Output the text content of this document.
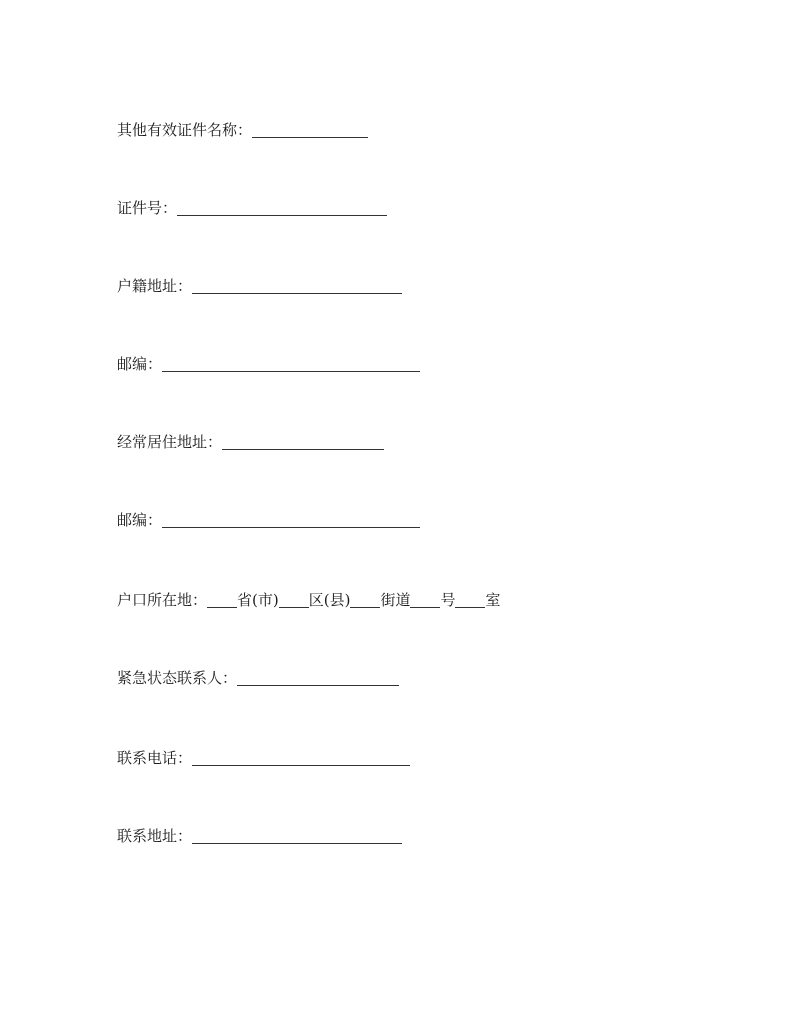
其他有效证件名称：
证件号：
户籍地址：
邮编：
经常居住地址：
邮编：
户口所在地： 省(市) 区(县) 街道 号 室
紧急状态联系人：
联系电话：
联系地址：
